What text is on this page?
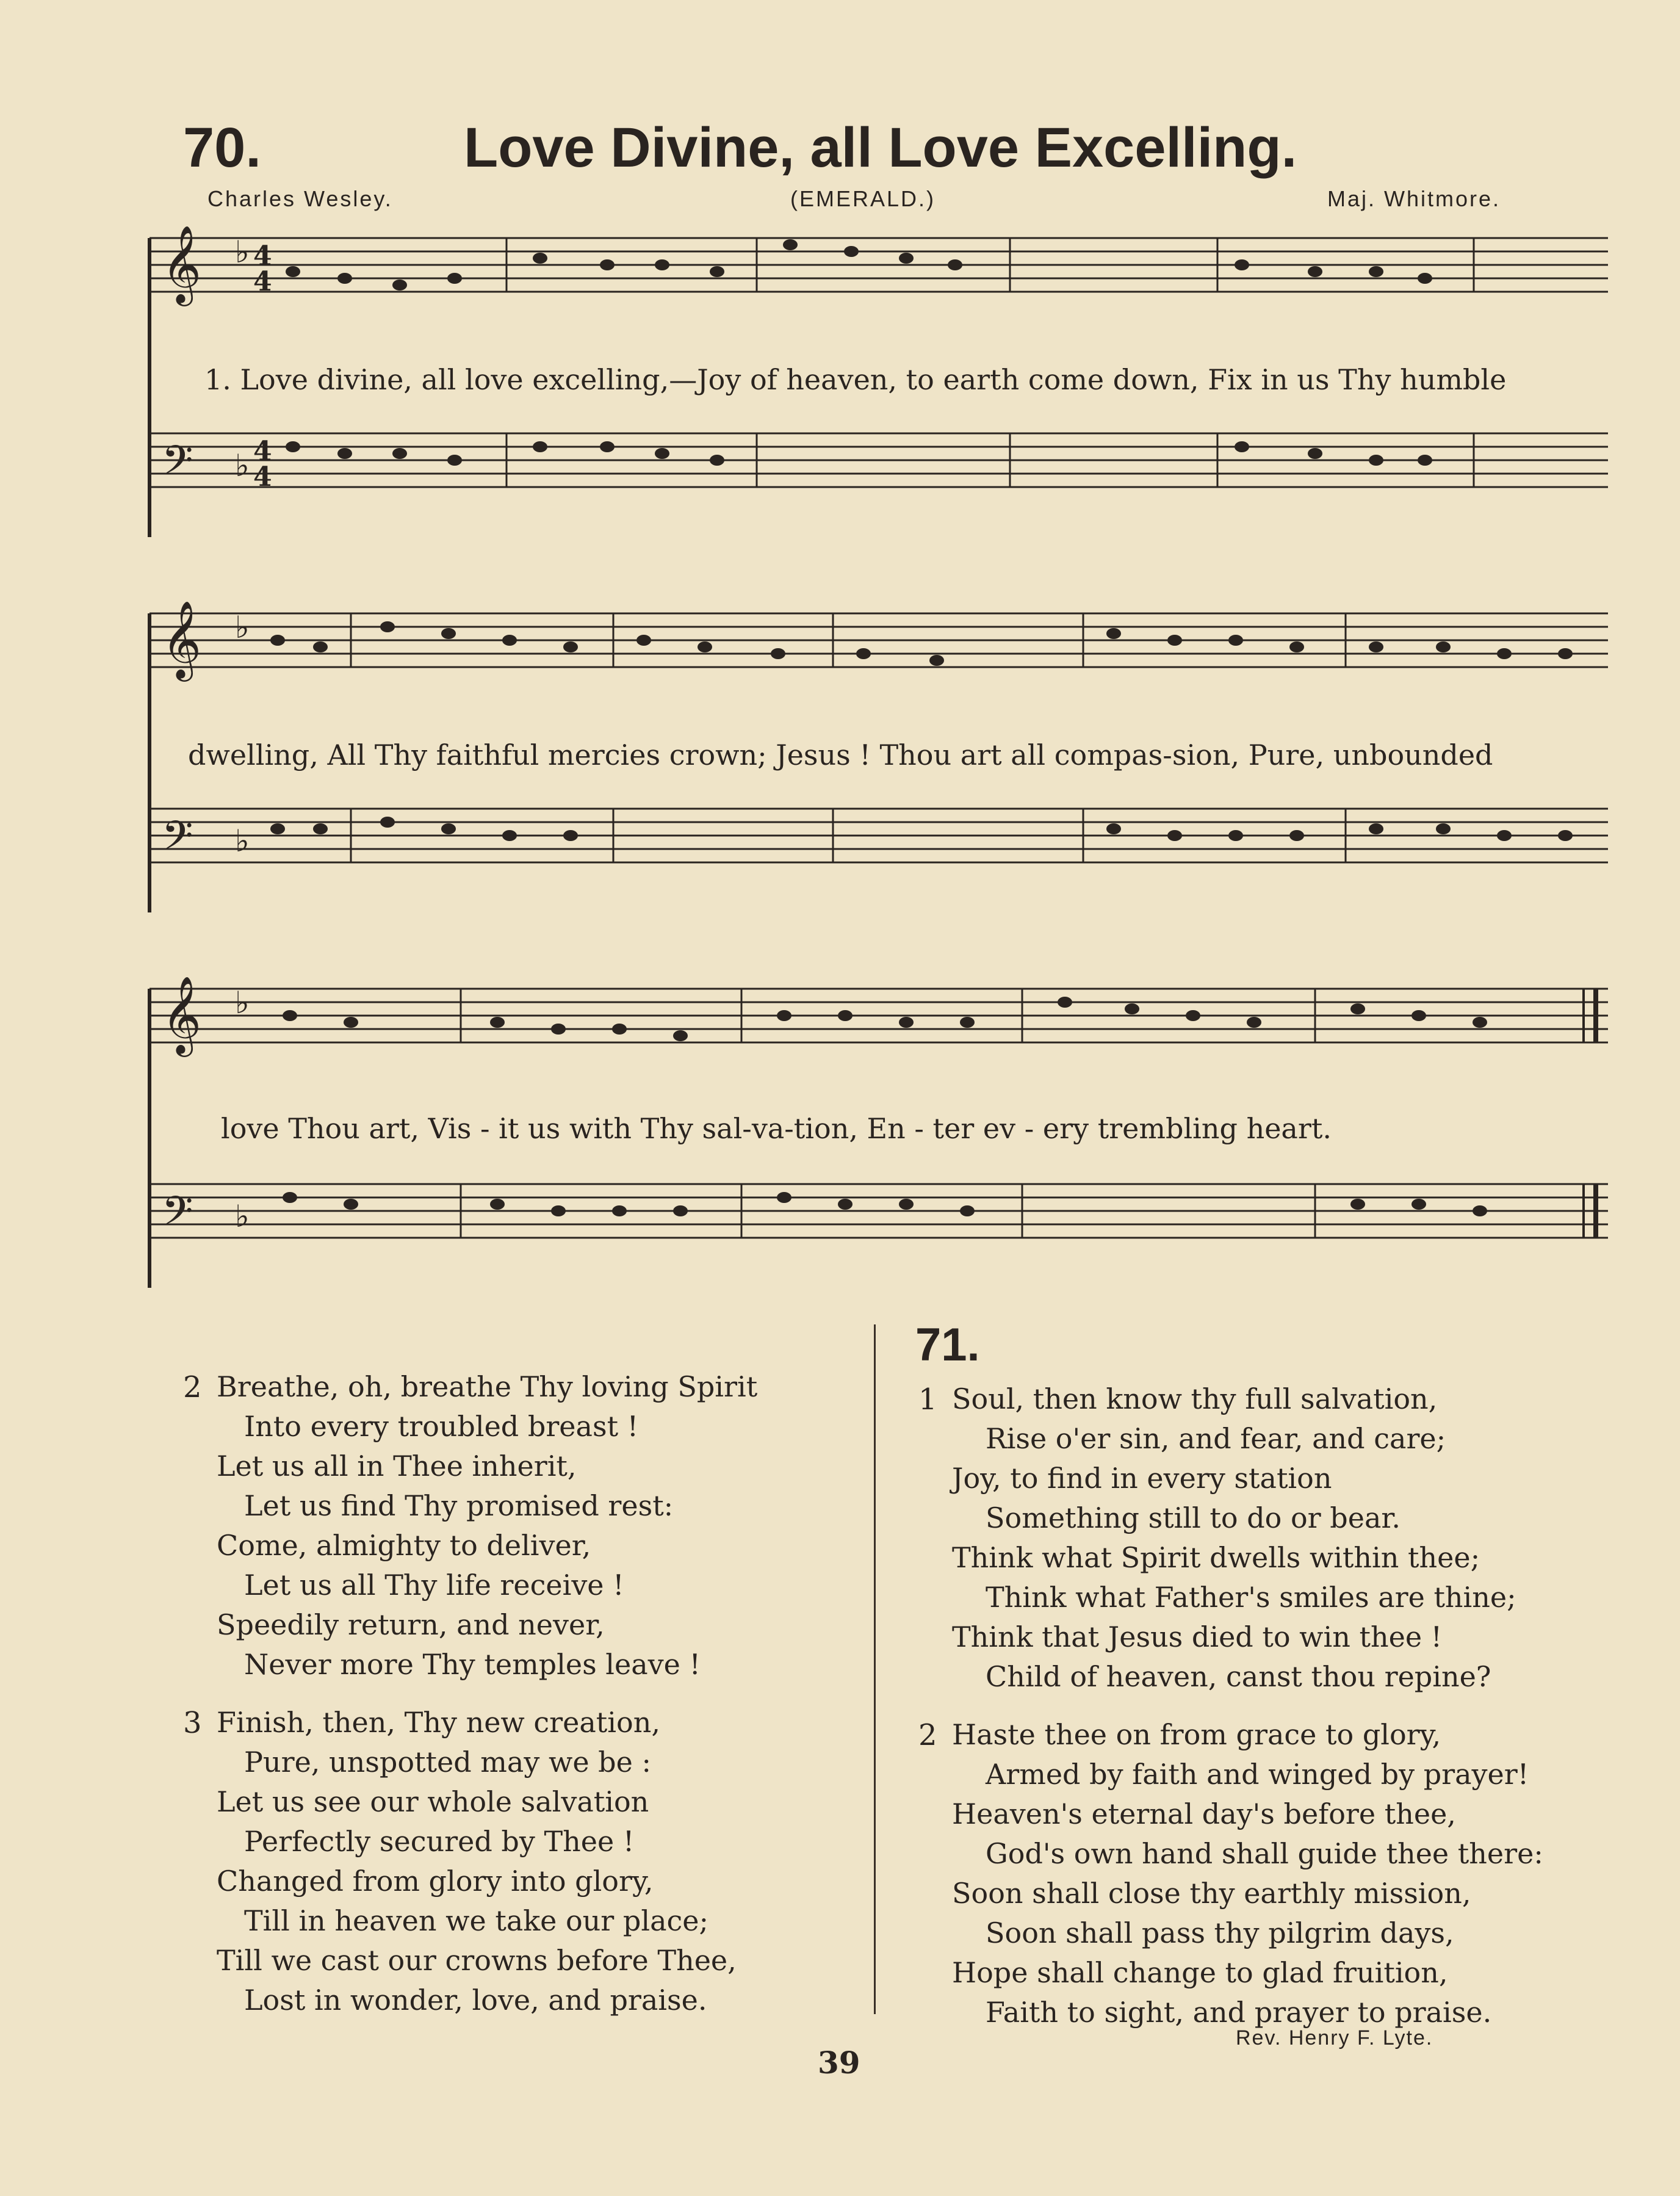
70.	Love Divine, all Love Excelling.
Charles Wesley.	(EMERALD.)	Maj. Whitmore.
𝄞 ♭ 4
4
𝄢 ♭ 4
4
1. Love divine, all love excelling,—Joy of heaven, to earth come down, Fix in us Thy humble
𝄞 ♭
𝄢 ♭
dwelling, All Thy faithful mercies crown; Jesus ! Thou art all compas-sion, Pure, unbounded
𝄞 ♭
𝄢 ♭
love Thou art, Vis - it us with Thy sal-va-tion, En - ter ev - ery trembling heart.
2 Breathe, oh, breathe Thy loving Spirit
Into every troubled breast !
Let us all in Thee inherit,
Let us find Thy promised rest:
Come, almighty to deliver,
Let us all Thy life receive !
Speedily return, and never,
Never more Thy temples leave !
3 Finish, then, Thy new creation,
Pure, unspotted may we be :
Let us see our whole salvation
Perfectly secured by Thee !
Changed from glory into glory,
Till in heaven we take our place;
Till we cast our crowns before Thee,
Lost in wonder, love, and praise.
71.
1 Soul, then know thy full salvation,
Rise o'er sin, and fear, and care;
Joy, to find in every station
Something still to do or bear.
Think what Spirit dwells within thee;
Think what Father's smiles are thine;
Think that Jesus died to win thee !
Child of heaven, canst thou repine?
2 Haste thee on from grace to glory,
Armed by faith and winged by prayer!
Heaven's eternal day's before thee,
God's own hand shall guide thee there:
Soon shall close thy earthly mission,
Soon shall pass thy pilgrim days,
Hope shall change to glad fruition,
Faith to sight, and prayer to praise.
Rev. Henry F. Lyte.
39
